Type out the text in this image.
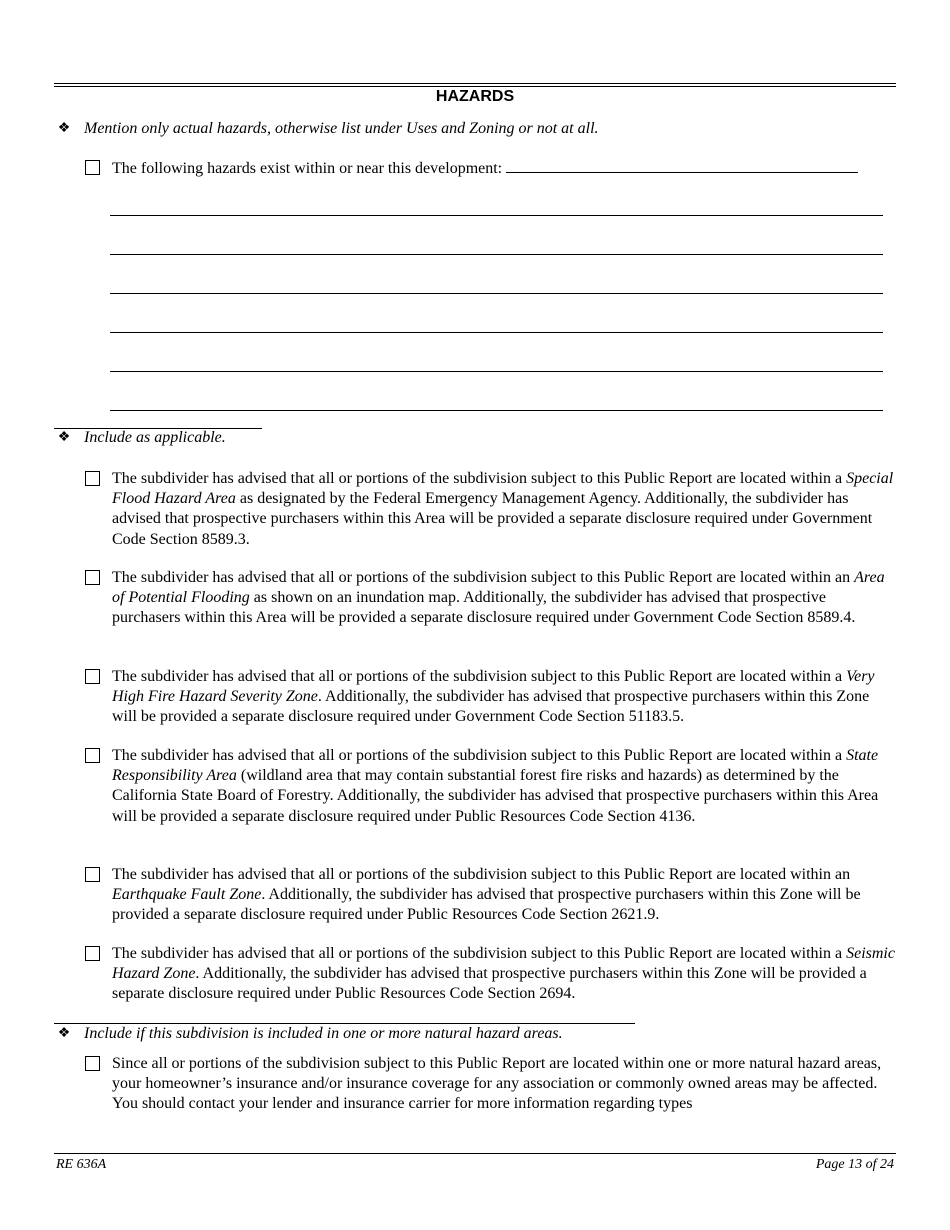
HAZARDS
❖ Mention only actual hazards, otherwise list under Uses and Zoning or not at all.
The following hazards exist within or near this development:
❖ Include as applicable.
The subdivider has advised that all or portions of the subdivision subject to this Public Report are located within a Special Flood Hazard Area as designated by the Federal Emergency Management Agency. Additionally, the subdivider has advised that prospective purchasers within this Area will be provided a separate disclosure required under Government Code Section 8589.3.
The subdivider has advised that all or portions of the subdivision subject to this Public Report are located within an Area of Potential Flooding as shown on an inundation map. Additionally, the subdivider has advised that prospective purchasers within this Area will be provided a separate disclosure required under Government Code Section 8589.4.
The subdivider has advised that all or portions of the subdivision subject to this Public Report are located within a Very High Fire Hazard Severity Zone. Additionally, the subdivider has advised that prospective purchasers within this Zone will be provided a separate disclosure required under Government Code Section 51183.5.
The subdivider has advised that all or portions of the subdivision subject to this Public Report are located within a State Responsibility Area (wildland area that may contain substantial forest fire risks and hazards) as determined by the California State Board of Forestry. Additionally, the subdivider has advised that prospective purchasers within this Area will be provided a separate disclosure required under Public Resources Code Section 4136.
The subdivider has advised that all or portions of the subdivision subject to this Public Report are located within an Earthquake Fault Zone. Additionally, the subdivider has advised that prospective purchasers within this Zone will be provided a separate disclosure required under Public Resources Code Section 2621.9.
The subdivider has advised that all or portions of the subdivision subject to this Public Report are located within a Seismic Hazard Zone. Additionally, the subdivider has advised that prospective purchasers within this Zone will be provided a separate disclosure required under Public Resources Code Section 2694.
❖ Include if this subdivision is included in one or more natural hazard areas.
Since all or portions of the subdivision subject to this Public Report are located within one or more natural hazard areas, your homeowner’s insurance and/or insurance coverage for any association or commonly owned areas may be affected. You should contact your lender and insurance carrier for more information regarding types
RE 636A	Page 13 of 24
